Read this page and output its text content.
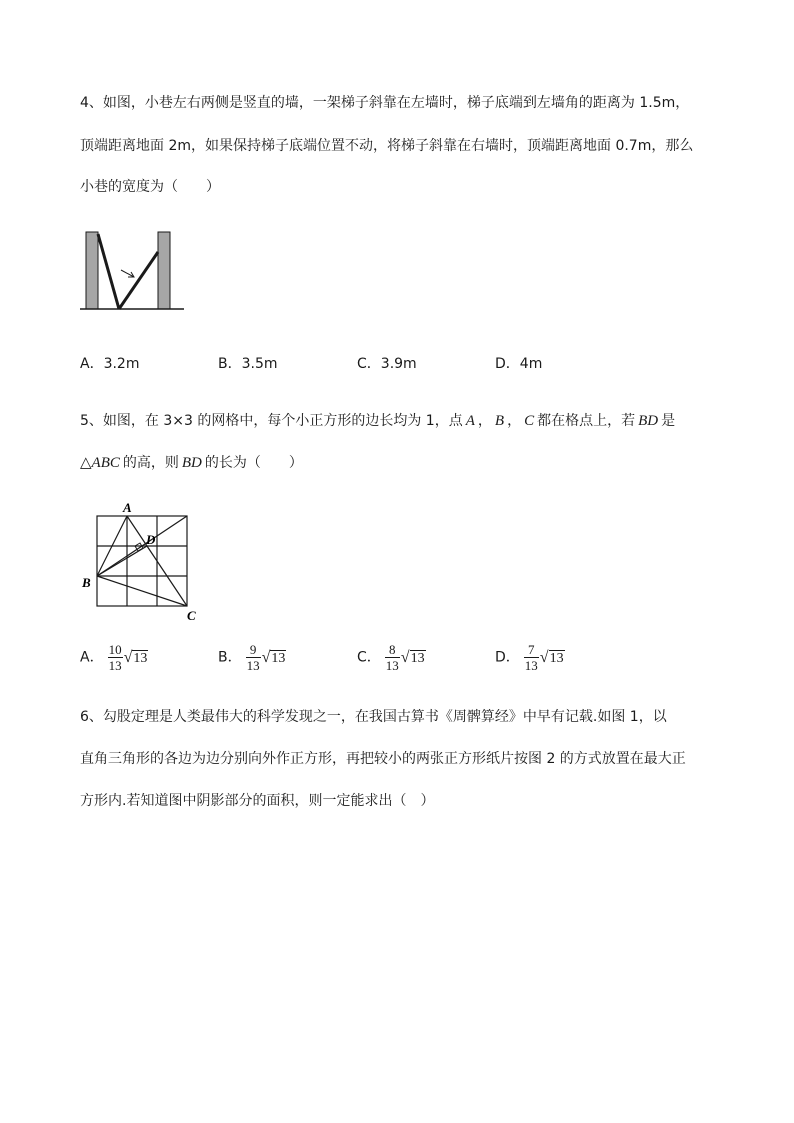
4、如图，小巷左右两侧是竖直的墙，一架梯子斜靠在左墙时，梯子底端到左墙角的距离为 1.5m，
顶端距离地面 2m，如果保持梯子底端位置不动，将梯子斜靠在右墙时，顶端距离地面 0.7m，那么
小巷的宽度为（　　）
A．3.2m	B．3.5m	C．3.9m	D．4m
5、如图，在 3×3 的网格中，每个小正方形的边长均为 1，点 A ， B ， C 都在格点上，若 BD 是
△ABC 的高，则 BD 的长为（　　）
A
D
B
C
A． $\frac{10}{13} √13$	B． $\frac{9}{13} √13$	C． $\frac{8}{13} √13$	D． $\frac{7}{13} √13$
6、勾股定理是人类最伟大的科学发现之一，在我国古算书《周髀算经》中早有记载.如图 1，以
直角三角形的各边为边分别向外作正方形，再把较小的两张正方形纸片按图 2 的方式放置在最大正
方形内.若知道图中阴影部分的面积，则一定能求出（　）
